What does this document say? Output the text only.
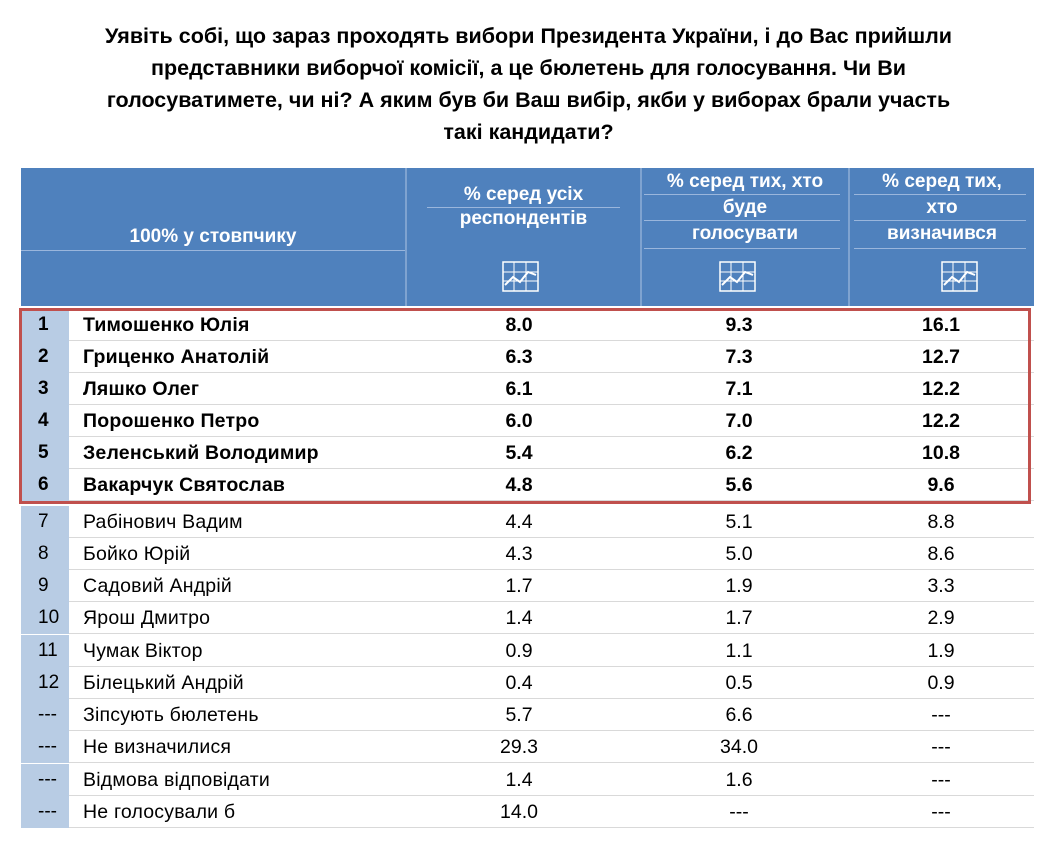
Уявіть собі, що зараз проходять вибори Президента України, і до Вас прийшли
представники виборчої комісії, а це бюлетень для голосування. Чи Ви
голосуватимете, чи ні? А яким був би Ваш вибір, якби у виборах брали участь
такі кандидати?
100% у стовпчику
% серед усіх
респондентів
% серед тих, хто
буде
голосувати
% серед тих,
хто
визначився
1	Тимошенко Юлія	8.0	9.3	16.1
2	Гриценко Анатолій	6.3	7.3	12.7
3	Ляшко Олег	6.1	7.1	12.2
4	Порошенко Петро	6.0	7.0	12.2
5	Зеленський Володимир	5.4	6.2	10.8
6	Вакарчук Святослав	4.8	5.6	9.6
7	Рабінович Вадим	4.4	5.1	8.8
8	Бойко Юрій	4.3	5.0	8.6
9	Садовий Андрій	1.7	1.9	3.3
10	Ярош Дмитро	1.4	1.7	2.9
11	Чумак Віктор	0.9	1.1	1.9
12	Білецький Андрій	0.4	0.5	0.9
---	Зіпсують бюлетень	5.7	6.6	---
---	Не визначилися	29.3	34.0	---
---	Відмова відповідати	1.4	1.6	---
---	Не голосували б	14.0	---	---
